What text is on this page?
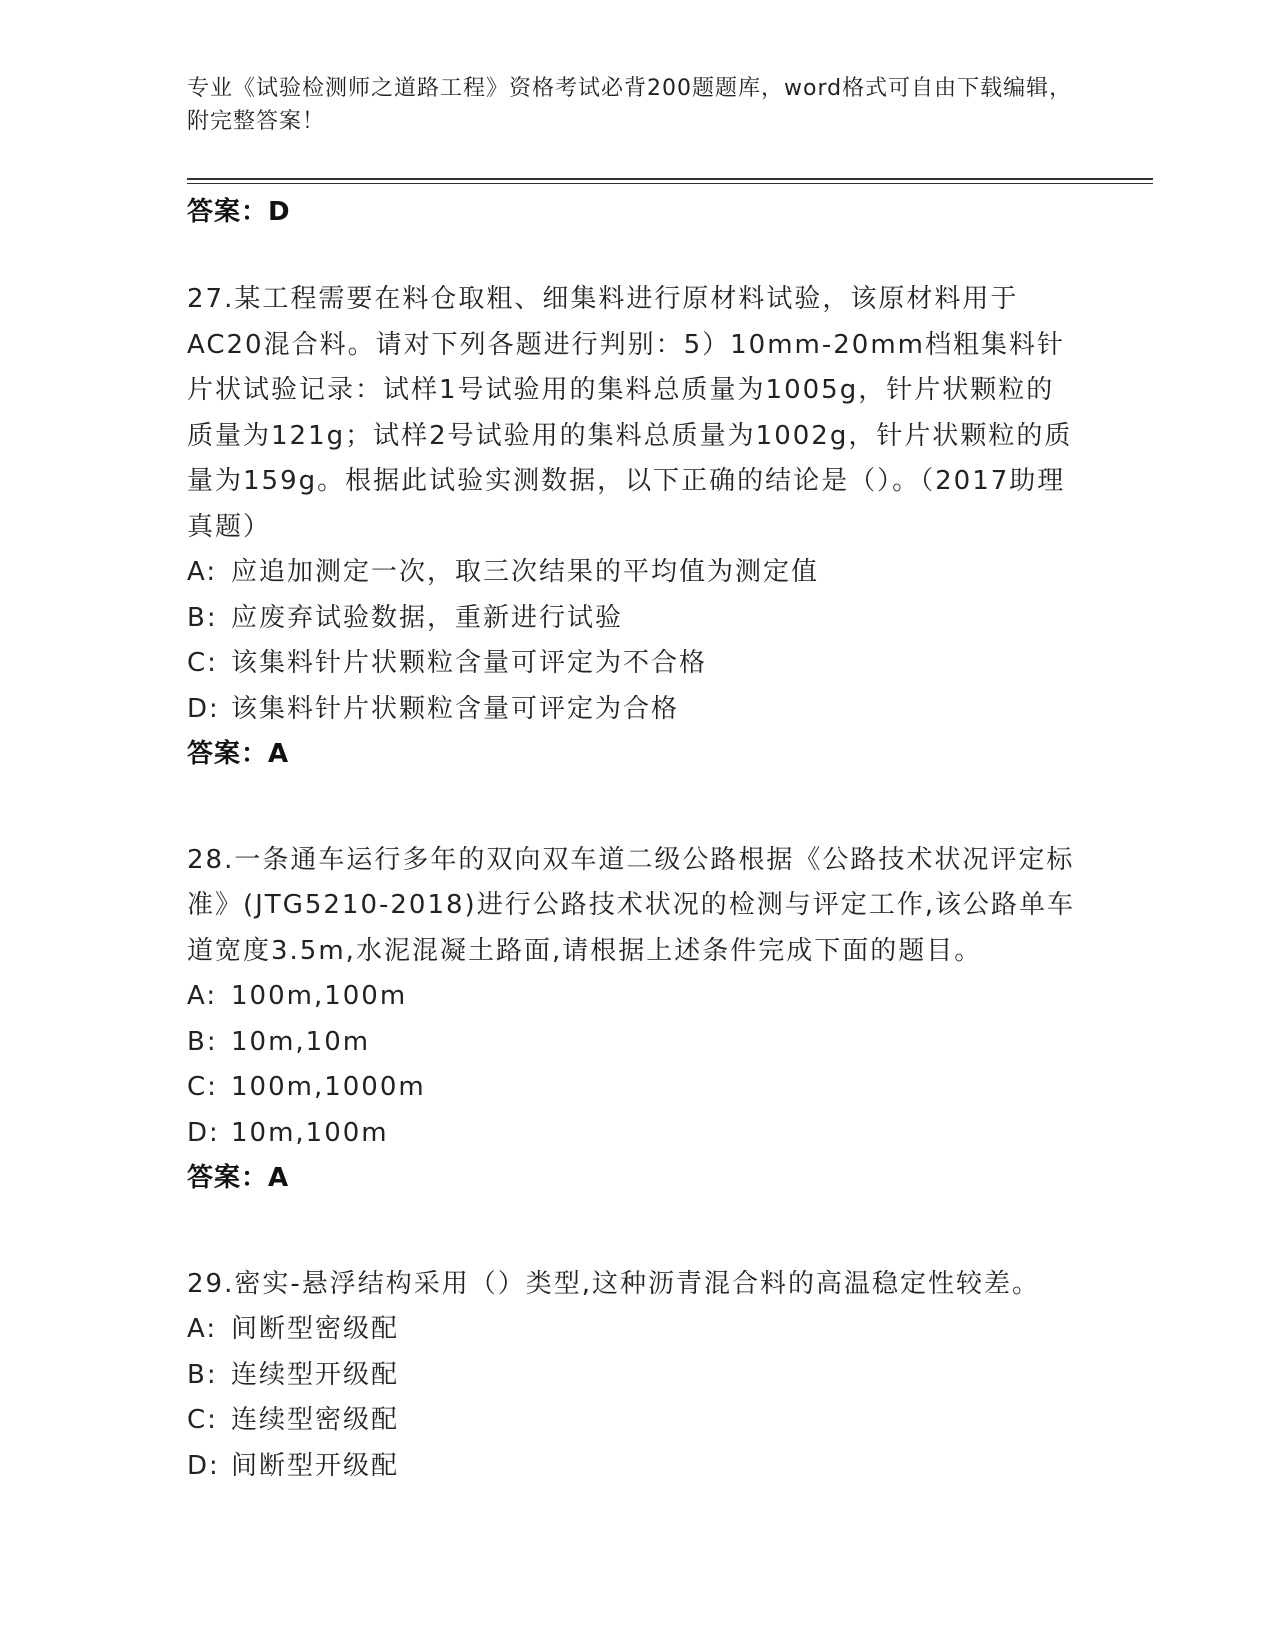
专业《试验检测师之道路工程》资格考试必背200题题库，word格式可自由下载编辑，附完整答案！
答案：D
27.某工程需要在料仓取粗、细集料进行原材料试验，该原材料用于AC20混合料。请对下列各题进行判别：5）10mm-20mm档粗集料针片状试验记录：试样1号试验用的集料总质量为1005g，针片状颗粒的质量为121g；试样2号试验用的集料总质量为1002g，针片状颗粒的质量为159g。根据此试验实测数据，以下正确的结论是（）。（2017助理真题）
A: 应追加测定一次，取三次结果的平均值为测定值
B: 应废弃试验数据，重新进行试验
C: 该集料针片状颗粒含量可评定为不合格
D: 该集料针片状颗粒含量可评定为合格
答案：A
28.一条通车运行多年的双向双车道二级公路根据《公路技术状况评定标准》(JTG5210-2018)进行公路技术状况的检测与评定工作,该公路单车道宽度3.5m,水泥混凝土路面,请根据上述条件完成下面的题目。
A: 100m,100m
B: 10m,10m
C: 100m,1000m
D: 10m,100m
答案：A
29.密实-悬浮结构采用（）类型,这种沥青混合料的高温稳定性较差。
A: 间断型密级配
B: 连续型开级配
C: 连续型密级配
D: 间断型开级配
